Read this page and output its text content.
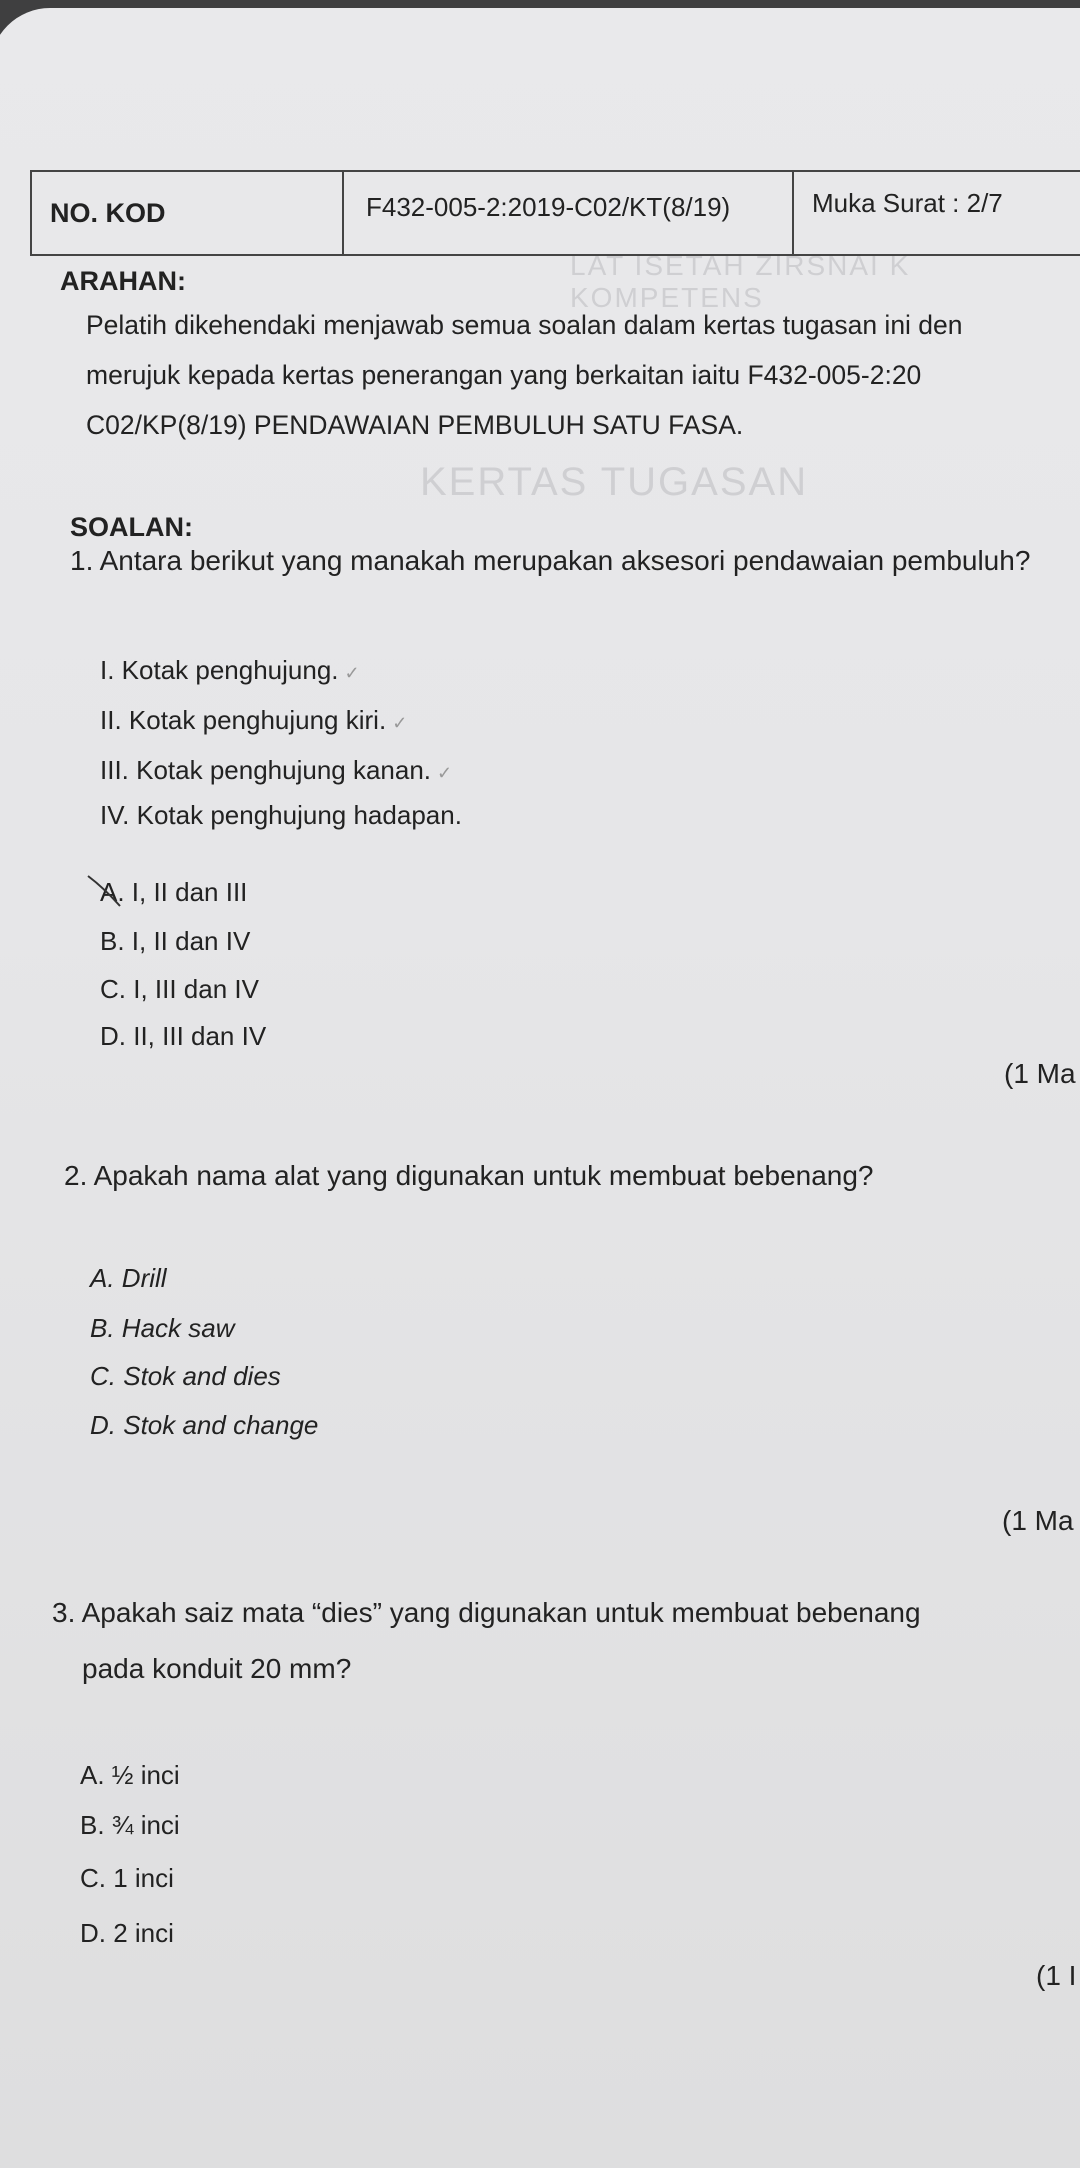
LAT ISETAH ZIRSNAI K KOMPETENS
KERTAS TUGASAN
NO. KOD	F432-005-2:2019-C02/KT(8/19)	Muka Surat : 2/7
ARAHAN:
Pelatih dikehendaki menjawab semua soalan dalam kertas tugasan ini den
merujuk kepada kertas penerangan yang berkaitan iaitu F432-005-2:20
C02/KP(8/19) PENDAWAIAN PEMBULUH SATU FASA.
SOALAN:
1. Antara berikut yang manakah merupakan aksesori pendawaian pembuluh?
I. Kotak penghujung. ✓
II. Kotak penghujung kiri. ✓
III. Kotak penghujung kanan. ✓
IV. Kotak penghujung hadapan.
A. I, II dan III
B. I, II dan IV
C. I, III dan IV
D. II, III dan IV
(1 Ma
2. Apakah nama alat yang digunakan untuk membuat bebenang?
A. Drill
B. Hack saw
C. Stok and dies
D. Stok and change
(1 Ma
3. Apakah saiz mata “dies” yang digunakan untuk membuat bebenang
pada konduit 20 mm?
A. ½ inci
B. ¾ inci
C. 1 inci
D. 2 inci
(1 I
